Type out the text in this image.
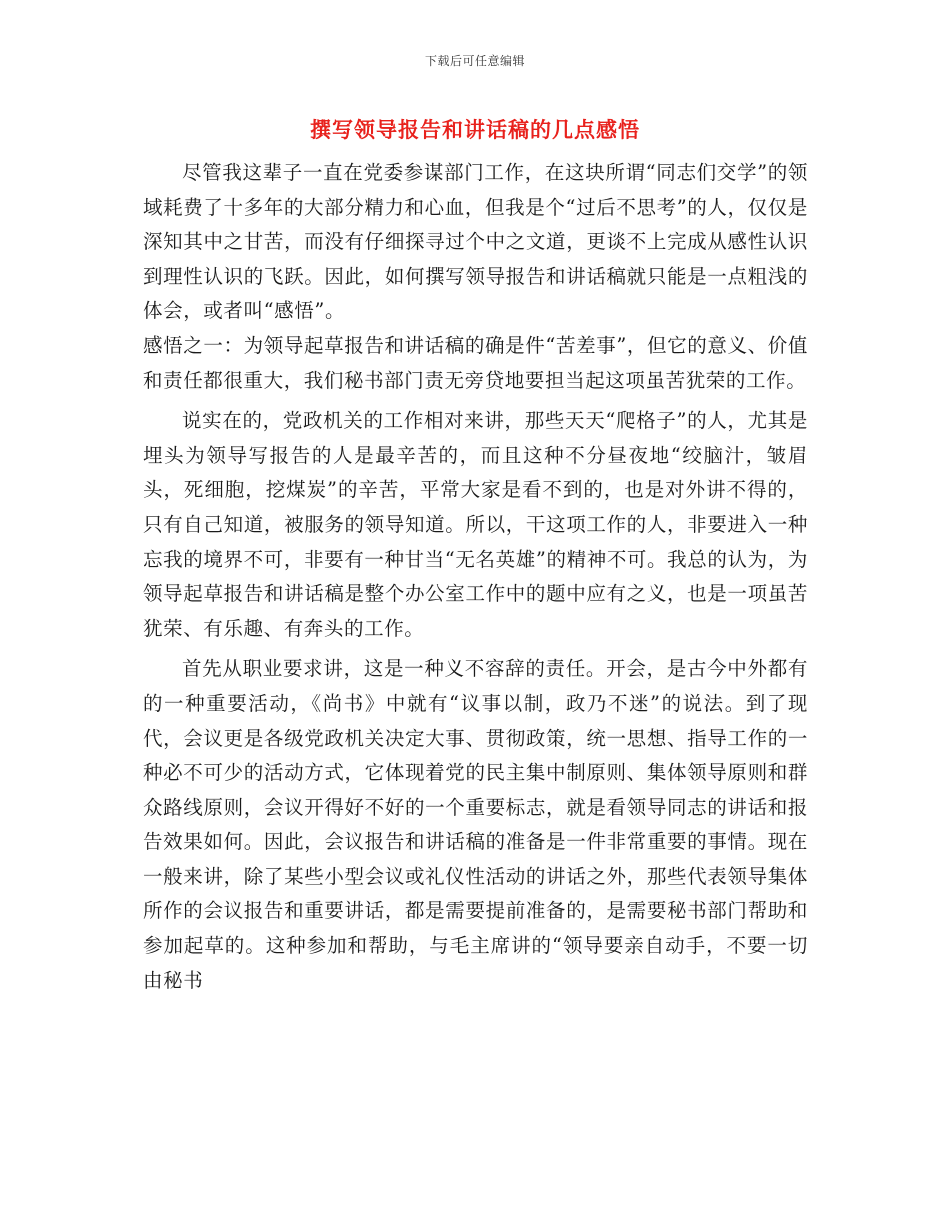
下载后可任意编辑
撰写领导报告和讲话稿的几点感悟

尽管我这辈子一直在党委参谋部门工作，在这块所谓“同志们交学”的领域耗费了十多年的大部分精力和心血，但我是个“过后不思考”的人，仅仅是深知其中之甘苦，而没有仔细探寻过个中之文道，更谈不上完成从感性认识到理性认识的飞跃。因此，如何撰写领导报告和讲话稿就只能是一点粗浅的体会，或者叫“感悟”。

感悟之一：为领导起草报告和讲话稿的确是件“苦差事”，但它的意义、价值和责任都很重大，我们秘书部门责无旁贷地要担当起这项虽苦犹荣的工作。

说实在的，党政机关的工作相对来讲，那些天天“爬格子”的人，尤其是埋头为领导写报告的人是最辛苦的，而且这种不分昼夜地“绞脑汁，皱眉头，死细胞，挖煤炭”的辛苦，平常大家是看不到的，也是对外讲不得的，只有自己知道，被服务的领导知道。所以，干这项工作的人，非要进入一种忘我的境界不可，非要有一种甘当“无名英雄”的精神不可。我总的认为，为领导起草报告和讲话稿是整个办公室工作中的题中应有之义，也是一项虽苦犹荣、有乐趣、有奔头的工作。

首先从职业要求讲，这是一种义不容辞的责任。开会，是古今中外都有的一种重要活动，《尚书》中就有“议事以制，政乃不迷”的说法。到了现代，会议更是各级党政机关决定大事、贯彻政策，统一思想、指导工作的一种必不可少的活动方式，它体现着党的民主集中制原则、集体领导原则和群众路线原则，会议开得好不好的一个重要标志，就是看领导同志的讲话和报告效果如何。因此，会议报告和讲话稿的准备是一件非常重要的事情。现在一般来讲，除了某些小型会议或礼仪性活动的讲话之外，那些代表领导集体所作的会议报告和重要讲话，都是需要提前准备的，是需要秘书部门帮助和参加起草的。这种参加和帮助，与毛主席讲的“领导要亲自动手，不要一切由秘书
